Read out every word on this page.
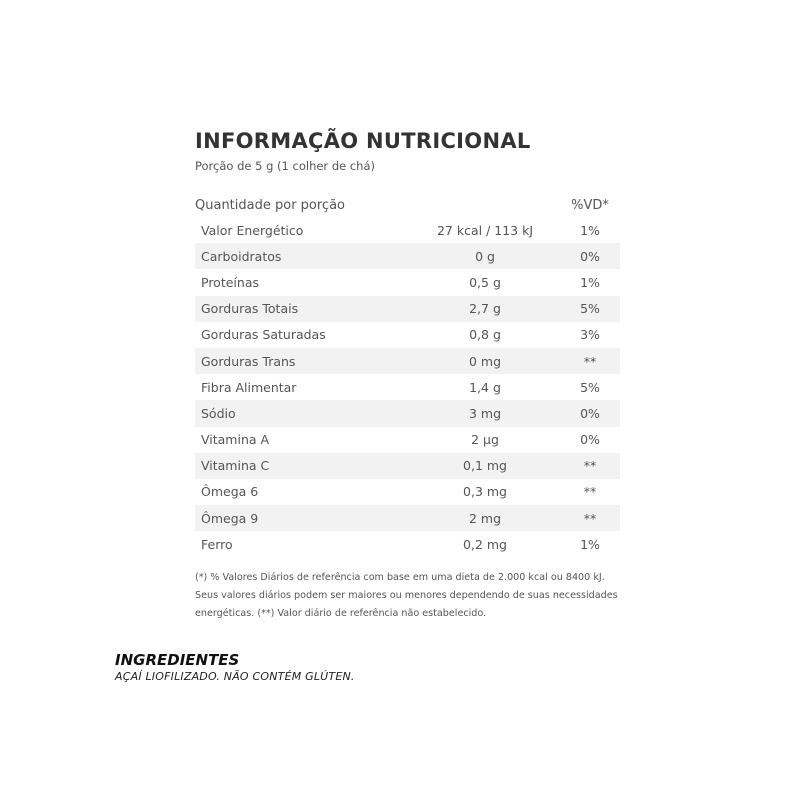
INFORMAÇÃO NUTRICIONAL
Porção de 5 g (1 colher de chá)
Quantidade por porção	%VD*
Valor Energético	27 kcal / 113 kJ	1%
Carboidratos	0 g	0%
Proteínas	0,5 g	1%
Gorduras Totais	2,7 g	5%
Gorduras Saturadas	0,8 g	3%
Gorduras Trans	0 mg	**
Fibra Alimentar	1,4 g	5%
Sódio	3 mg	0%
Vitamina A	2 µg	0%
Vitamina C	0,1 mg	**
Ômega 6	0,3 mg	**
Ômega 9	2 mg	**
Ferro	0,2 mg	1%
(*) % Valores Diários de referência com base em uma dieta de 2.000 kcal ou 8400 kJ. Seus valores diários podem ser maiores ou menores dependendo de suas necessidades energéticas. (**) Valor diário de referência não estabelecido.
INGREDIENTES
AÇAÍ LIOFILIZADO. NÃO CONTÉM GLÚTEN.
